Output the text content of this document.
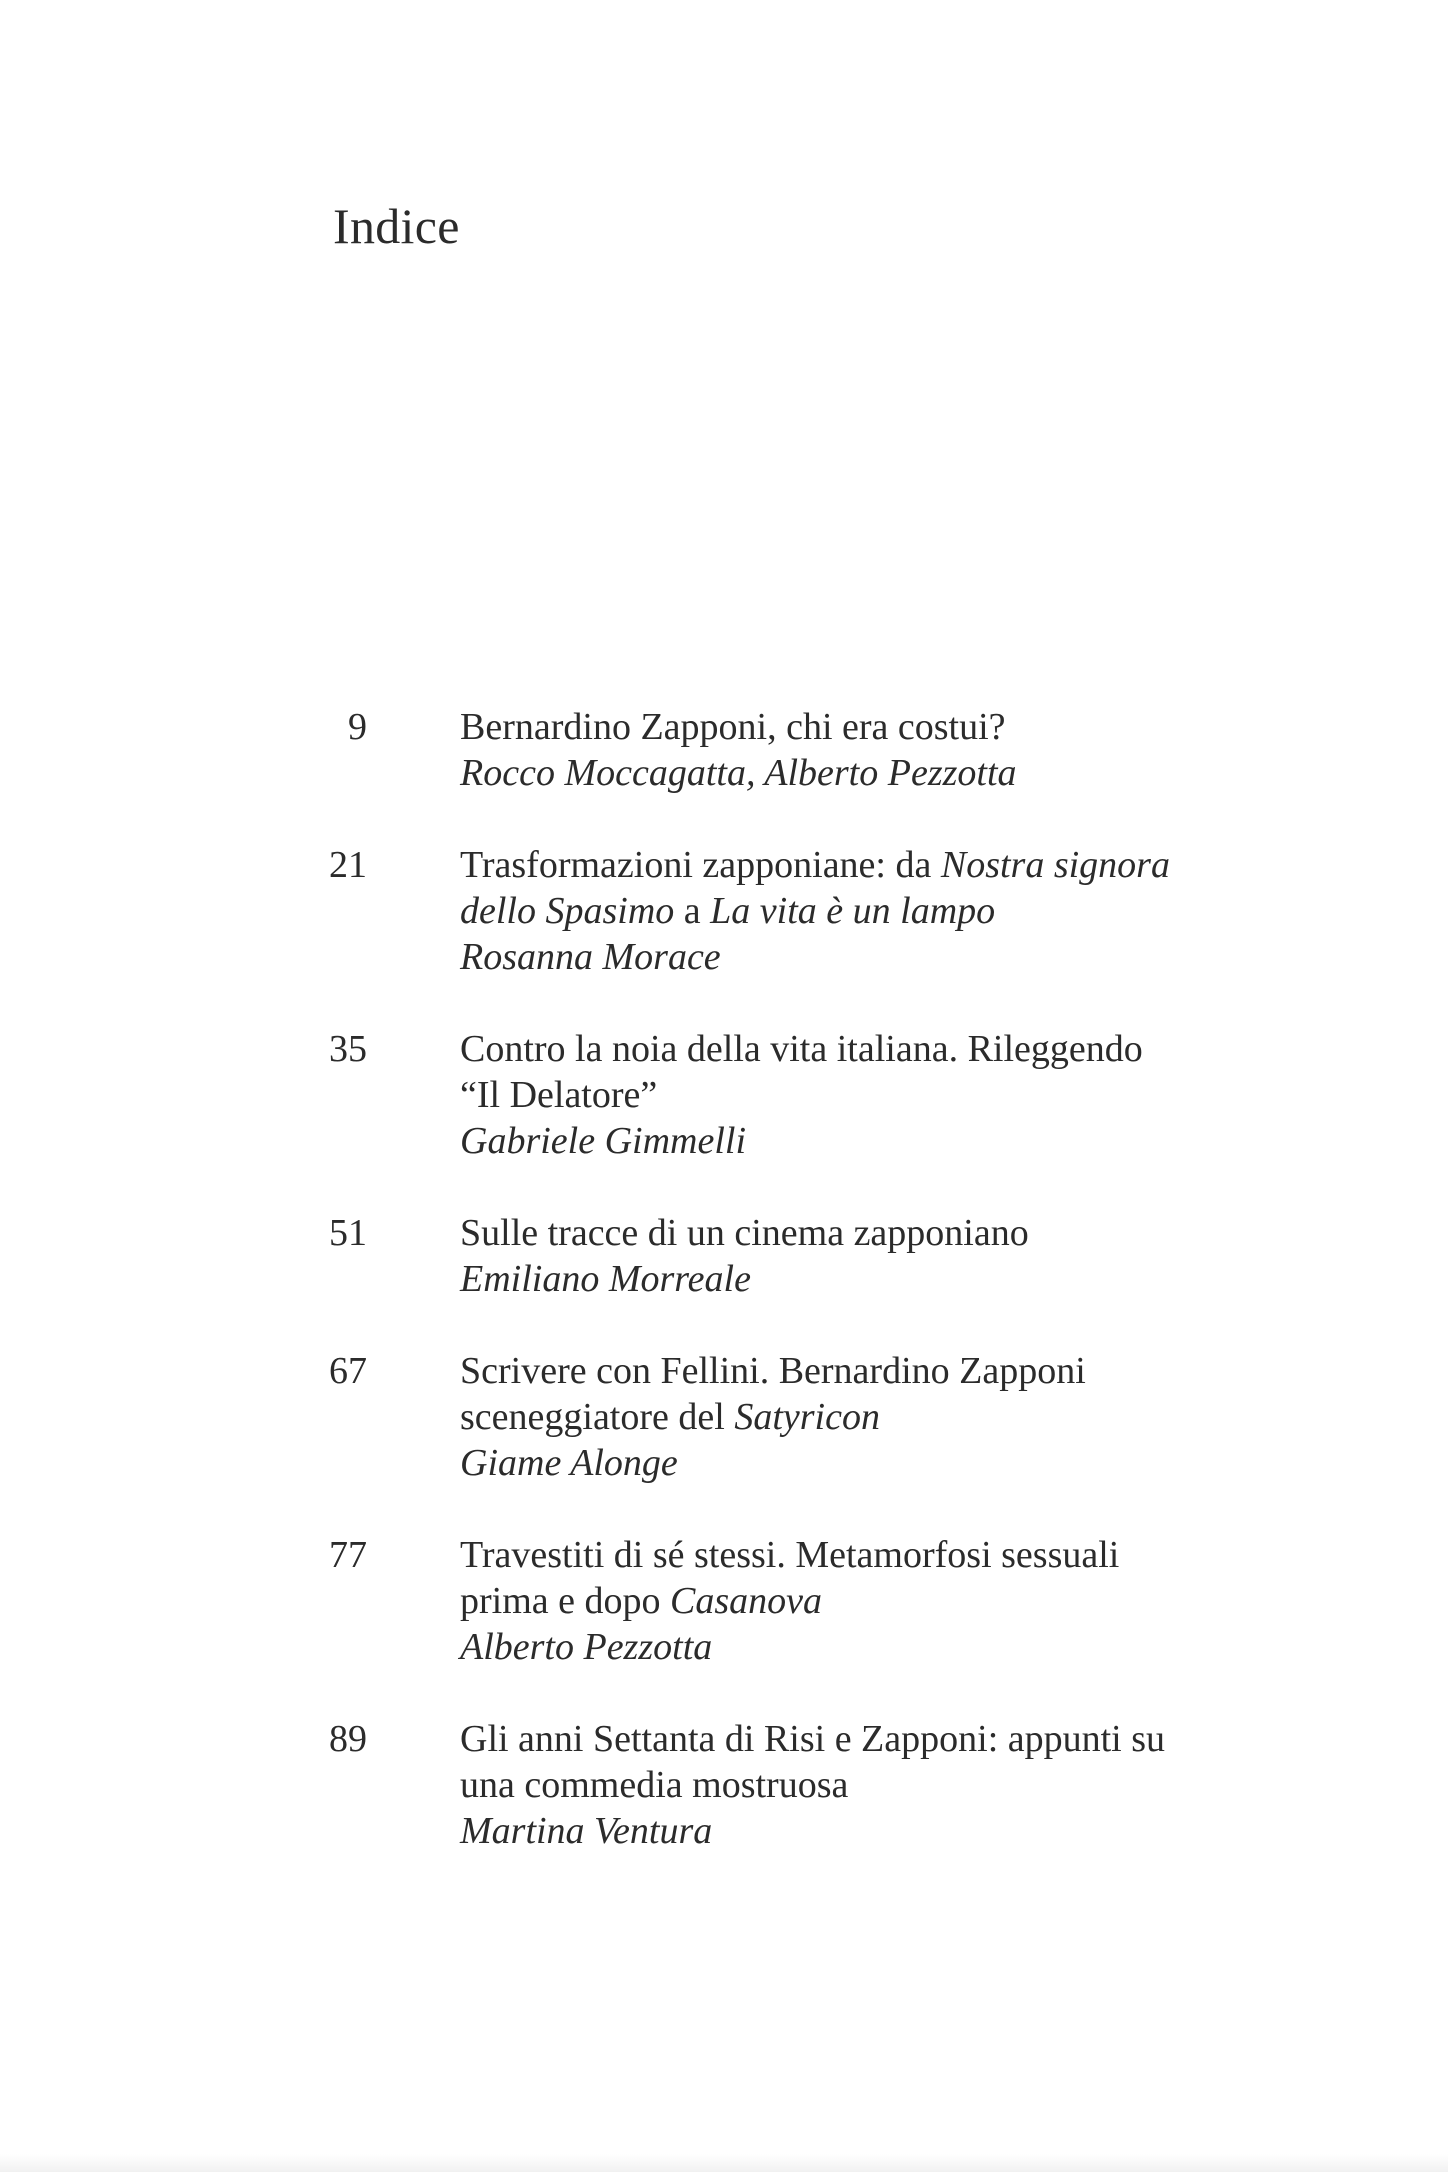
Indice
9 Bernardino Zapponi, chi era costui?
Rocco Moccagatta, Alberto Pezzotta
21 Trasformazioni zapponiane: da Nostra signora
dello Spasimo a La vita è un lampo
Rosanna Morace
35 Contro la noia della vita italiana. Rileggendo
“Il Delatore”
Gabriele Gimmelli
51 Sulle tracce di un cinema zapponiano
Emiliano Morreale
67 Scrivere con Fellini. Bernardino Zapponi
sceneggiatore del Satyricon
Giame Alonge
77 Travestiti di sé stessi. Metamorfosi sessuali
prima e dopo Casanova
Alberto Pezzotta
89 Gli anni Settanta di Risi e Zapponi: appunti su
una commedia mostruosa
Martina Ventura
